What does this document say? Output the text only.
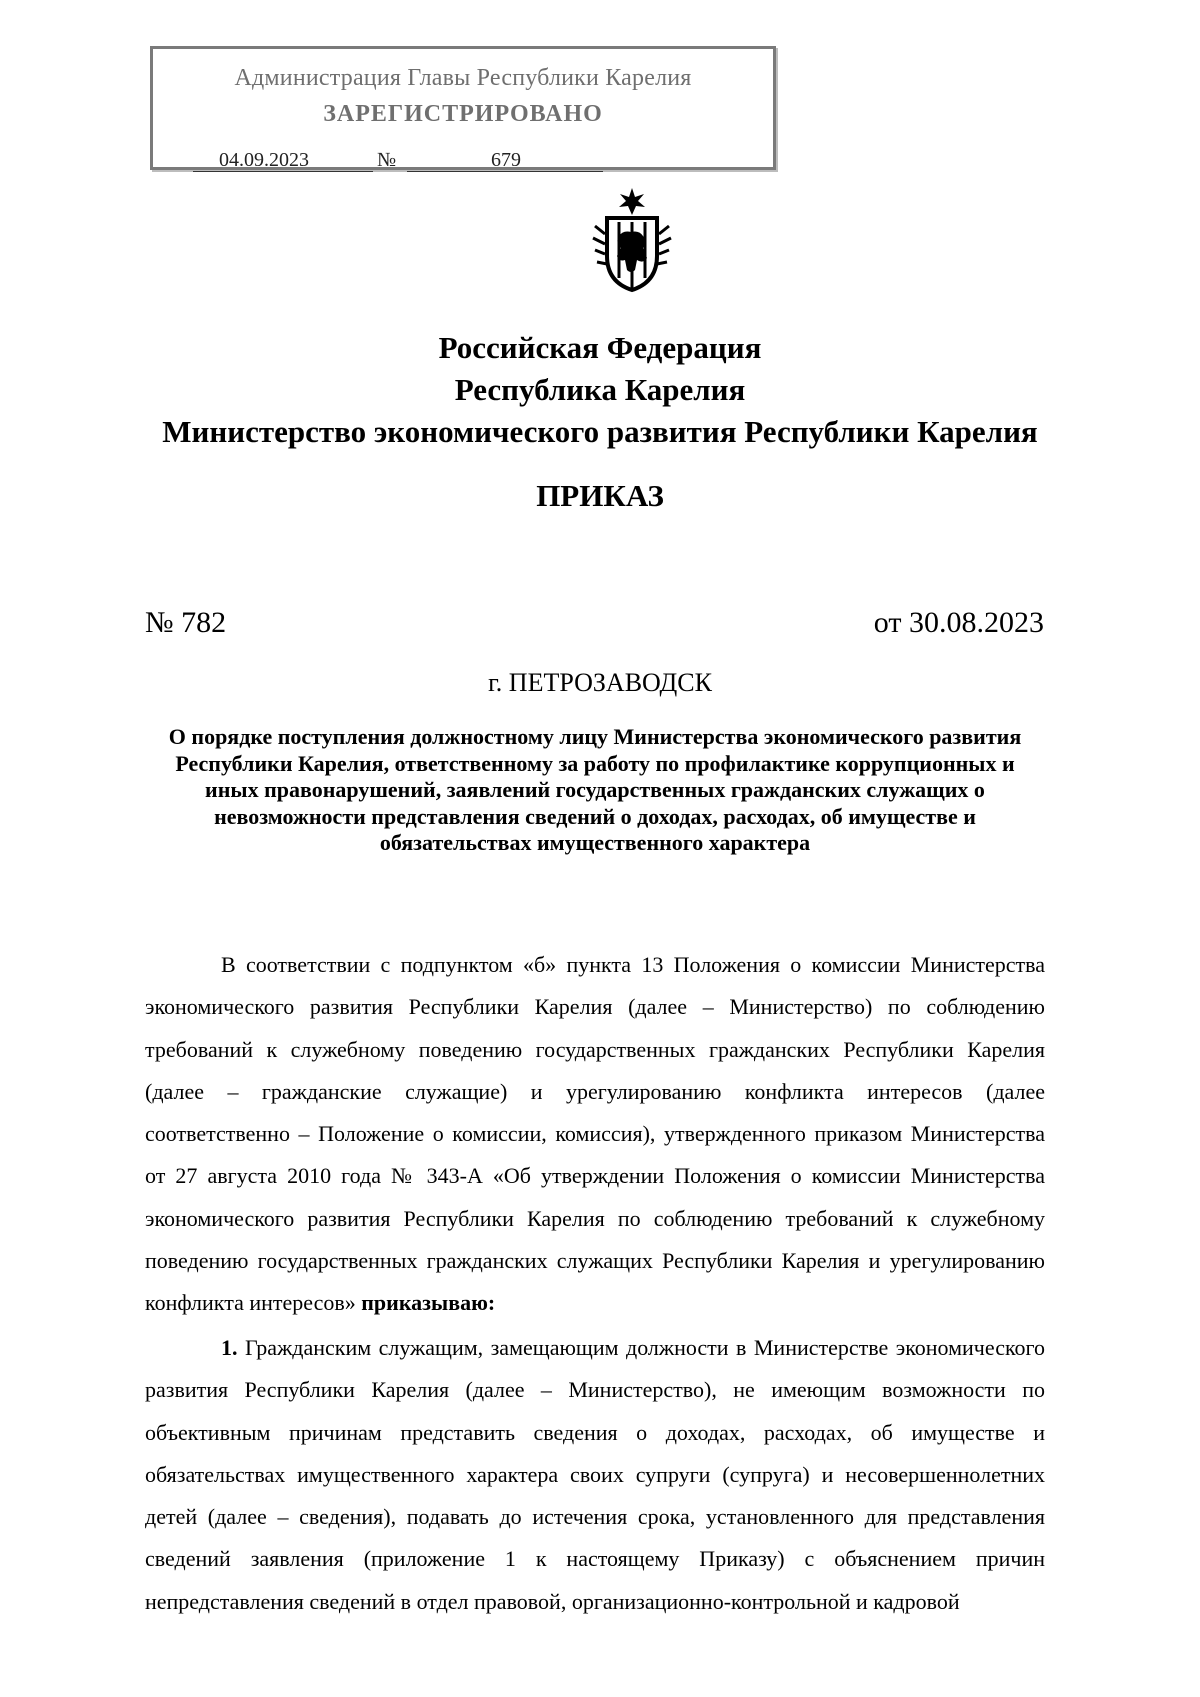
Администрация Главы Республики Карелия
ЗАРЕГИСТРИРОВАНО
04.09.2023	№	679
Российская Федерация
Республика Карелия
Министерство экономического развития Республики Карелия
ПРИКАЗ
№ 782	от 30.08.2023
г. ПЕТРОЗАВОДСК
О порядке поступления должностному лицу Министерства экономического развития
Республики Карелия, ответственному за работу по профилактике коррупционных и
иных правонарушений, заявлений государственных гражданских служащих о
невозможности представления сведений о доходах, расходах, об имуществе и
обязательствах имущественного характера

В соответствии с подпунктом «б» пункта 13 Положения о комиссии Министерства экономического развития Республики Карелия (далее – Министерство) по соблюдению требований к служебному поведению государственных гражданских Республики Карелия (далее – гражданские служащие) и урегулированию конфликта интересов (далее соответственно – Положение о комиссии, комиссия), утвержденного приказом Министерства от 27 августа 2010 года № 343-А «Об утверждении Положения о комиссии Министерства экономического развития Республики Карелия по соблюдению требований к служебному поведению государственных гражданских служащих Республики Карелия и урегулированию конфликта интересов» приказываю:

1. Гражданским служащим, замещающим должности в Министерстве экономического развития Республики Карелия (далее – Министерство), не имеющим возможности по объективным причинам представить сведения о доходах, расходах, об имуществе и обязательствах имущественного характера своих супруги (супруга) и несовершеннолетних детей (далее – сведения), подавать до истечения срока, установленного для представления сведений заявления (приложение 1 к настоящему Приказу) с объяснением причин непредставления сведений в отдел правовой, организационно-контрольной и кадровой
